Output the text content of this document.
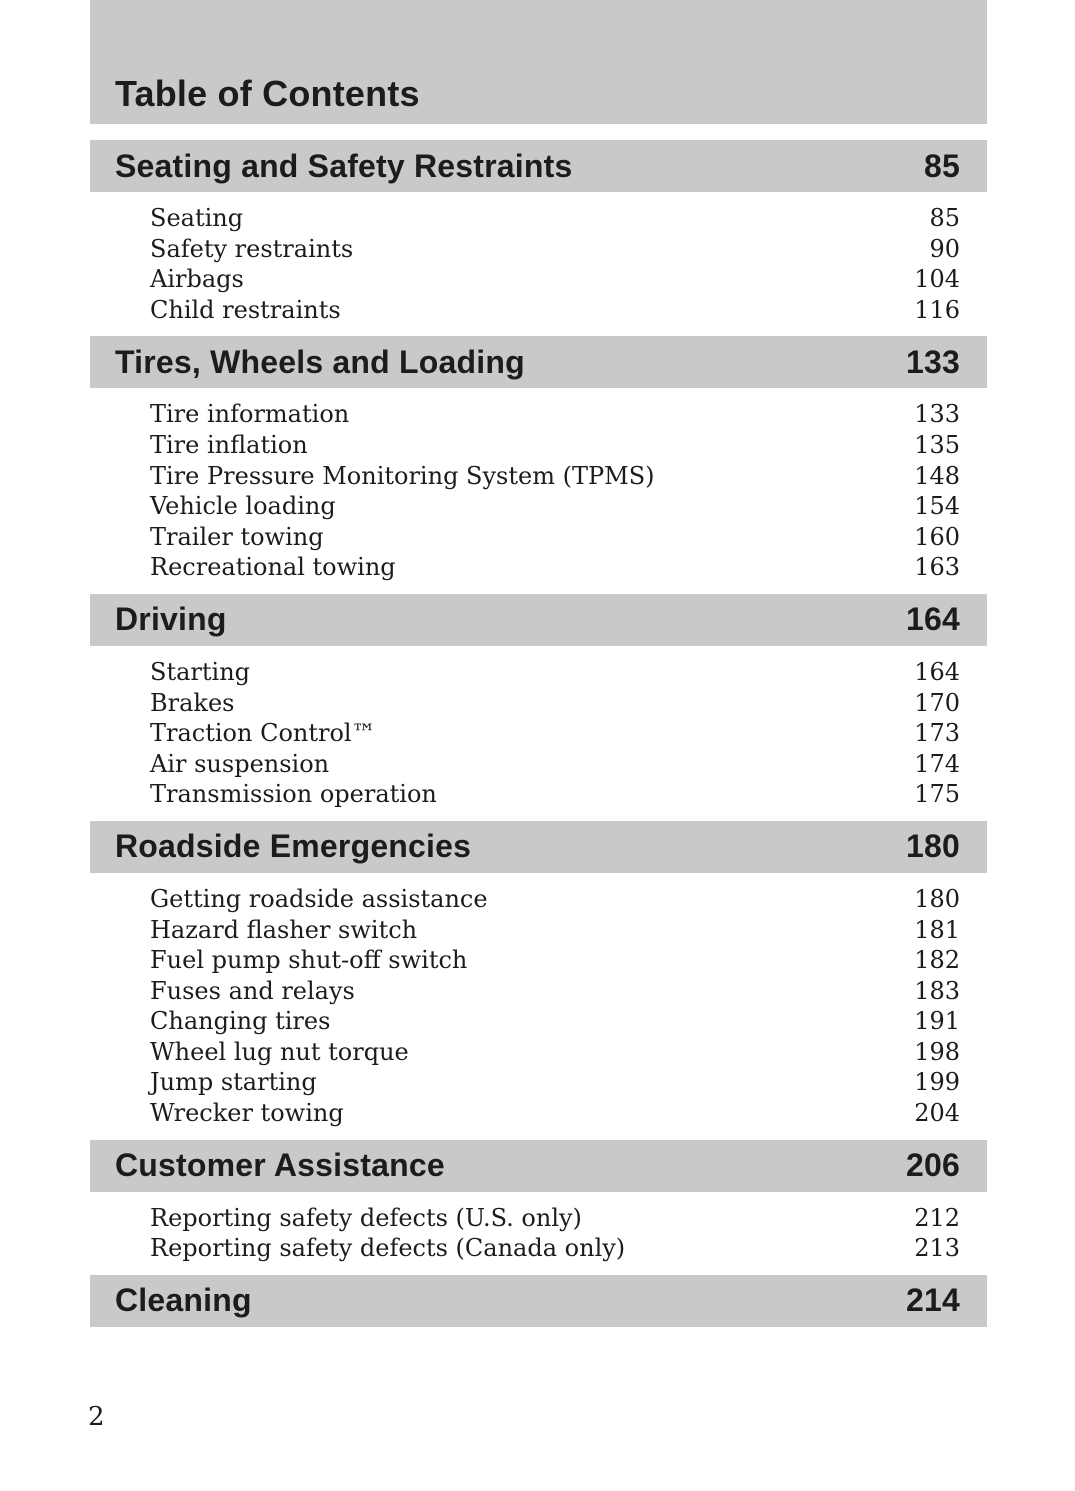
Table of Contents
Seating and Safety Restraints	85
Seating	85
Safety restraints	90
Airbags	104
Child restraints	116
Tires, Wheels and Loading	133
Tire information	133
Tire inflation	135
Tire Pressure Monitoring System (TPMS)	148
Vehicle loading	154
Trailer towing	160
Recreational towing	163
Driving	164
Starting	164
Brakes	170
Traction Control™	173
Air suspension	174
Transmission operation	175
Roadside Emergencies	180
Getting roadside assistance	180
Hazard flasher switch	181
Fuel pump shut-off switch	182
Fuses and relays	183
Changing tires	191
Wheel lug nut torque	198
Jump starting	199
Wrecker towing	204
Customer Assistance	206
Reporting safety defects (U.S. only)	212
Reporting safety defects (Canada only)	213
Cleaning	214
2
